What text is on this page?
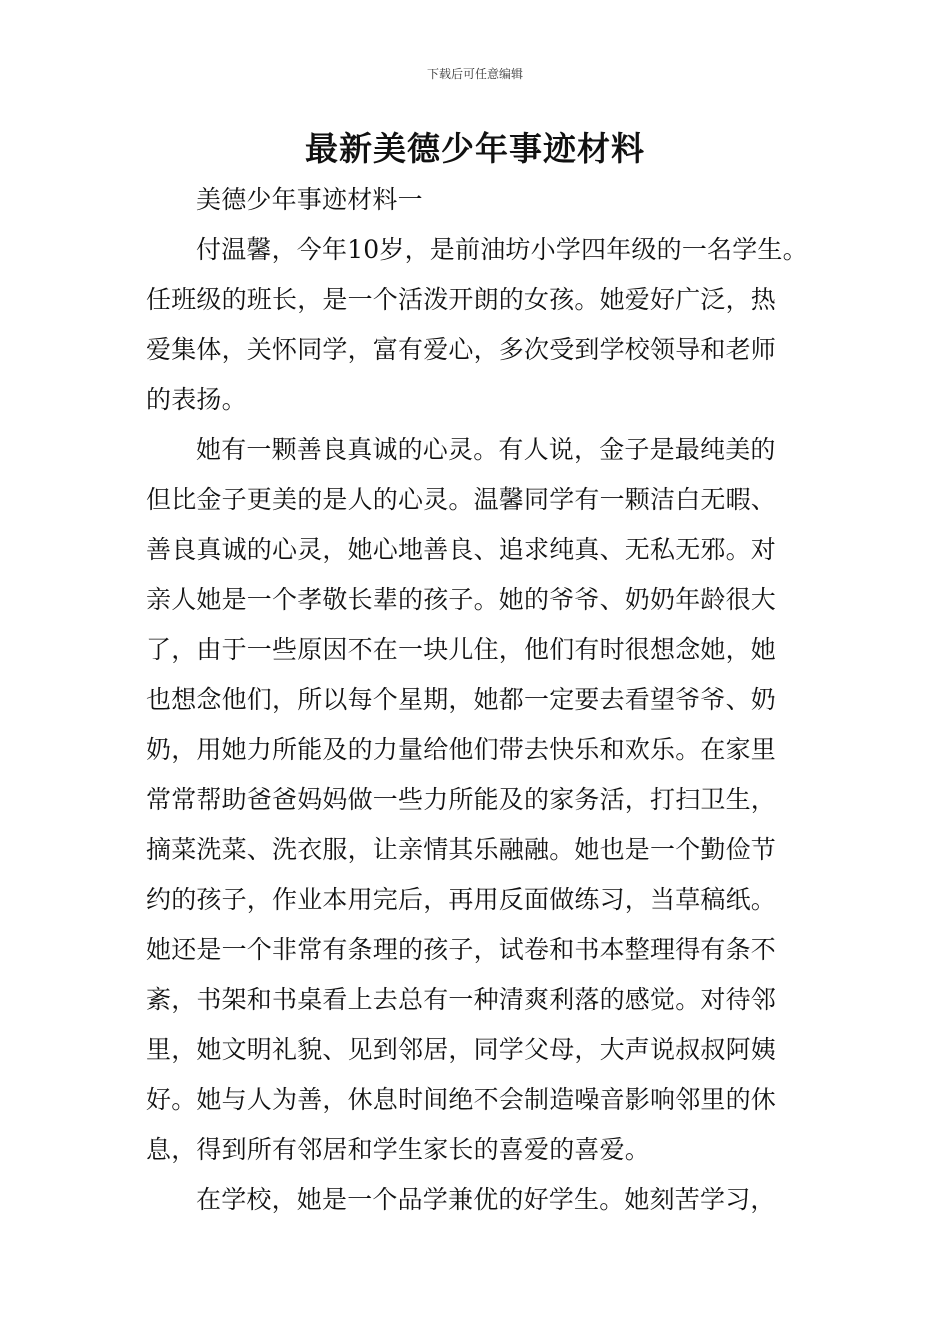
下载后可任意编辑
最新美德少年事迹材料
美德少年事迹材料一
付温馨，今年10岁，是前油坊小学四年级的一名学生。
任班级的班长，是一个活泼开朗的女孩。她爱好广泛，热
爱集体，关怀同学，富有爱心，多次受到学校领导和老师
的表扬。
她有一颗善良真诚的心灵。有人说，金子是最纯美的
但比金子更美的是人的心灵。温馨同学有一颗洁白无暇、
善良真诚的心灵，她心地善良、追求纯真、无私无邪。对
亲人她是一个孝敬长辈的孩子。她的爷爷、奶奶年龄很大
了，由于一些原因不在一块儿住，他们有时很想念她，她
也想念他们，所以每个星期，她都一定要去看望爷爷、奶
奶，用她力所能及的力量给他们带去快乐和欢乐。在家里
常常帮助爸爸妈妈做一些力所能及的家务活，打扫卫生，
摘菜洗菜、洗衣服，让亲情其乐融融。她也是一个勤俭节
约的孩子，作业本用完后，再用反面做练习，当草稿纸。
她还是一个非常有条理的孩子，试卷和书本整理得有条不
紊，书架和书桌看上去总有一种清爽利落的感觉。对待邻
里，她文明礼貌、见到邻居，同学父母，大声说叔叔阿姨
好。她与人为善，休息时间绝不会制造噪音影响邻里的休
息，得到所有邻居和学生家长的喜爱的喜爱。
在学校，她是一个品学兼优的好学生。她刻苦学习，
